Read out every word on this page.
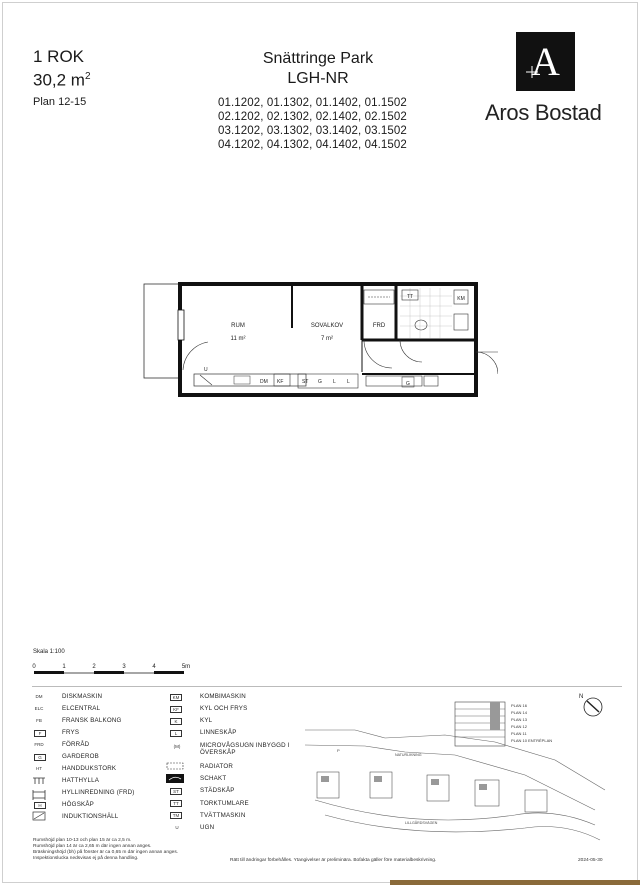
1 ROK
30,2 $m^2$
Plan 12-15
Snättringe Park
LGH-NR
01.1202, 01.1302, 01.1402, 01.1502
02.1202, 02.1302, 02.1402, 02.1502
03.1202, 03.1302, 03.1402, 03.1502
04.1202, 04.1302, 04.1402, 04.1502
A
Aros Bostad
KM
TT
U
DM KF	ST G L L	G
RUM
11 m²
SOVALKOV
7 m²
FRD
Skala 1:100
0	1	2	3	4	5m
DM	DISKMASKIN
ELC	ELCENTRAL
FB	FRANSK BALKONG
F	FRYS
FRD	FÖRRÅD
G	GARDEROB
HT	HANDDUKSTORK
HATTHYLLA
HYLLINREDNING (FRD)
H	HÖGSKÅP
INDUKTIONSHÄLL
KM	KOMBIMASKIN
KF	KYL OCH FRYS
K	KYL
L	LINNESKÅP
(M)	MICROVÅGSUGN INBYGGD I ÖVERSKÅP
RADIATOR
SCHAKT
ST	STÄDSKÅP
TT	TORKTUMLARE
TM	TVÄTTMASKIN
U	UGN
Rumshöjd plan 10-13 och plan 15 är ca 2,5 m.
Rumshöjd plan 14 är ca 2,65 m där ingen annan anges.
Bräskningshöjd (bh) på fönster är ca 0,65 m där ingen annan anges.
Inspektionslucka nedsvisas ej på denna handling.
PLAN 16
PLAN 14
PLAN 13
PLAN 12
PLAN 11
PLAN 10 ENTRÉPLAN
N
NATURLIKNING
LILLGÅRDSVÄGEN
P
Rätt till ändringar förbehålles. Ytangivelser är preliminära. Bofakta gäller före materialbeskrivning.	2024-05-30
